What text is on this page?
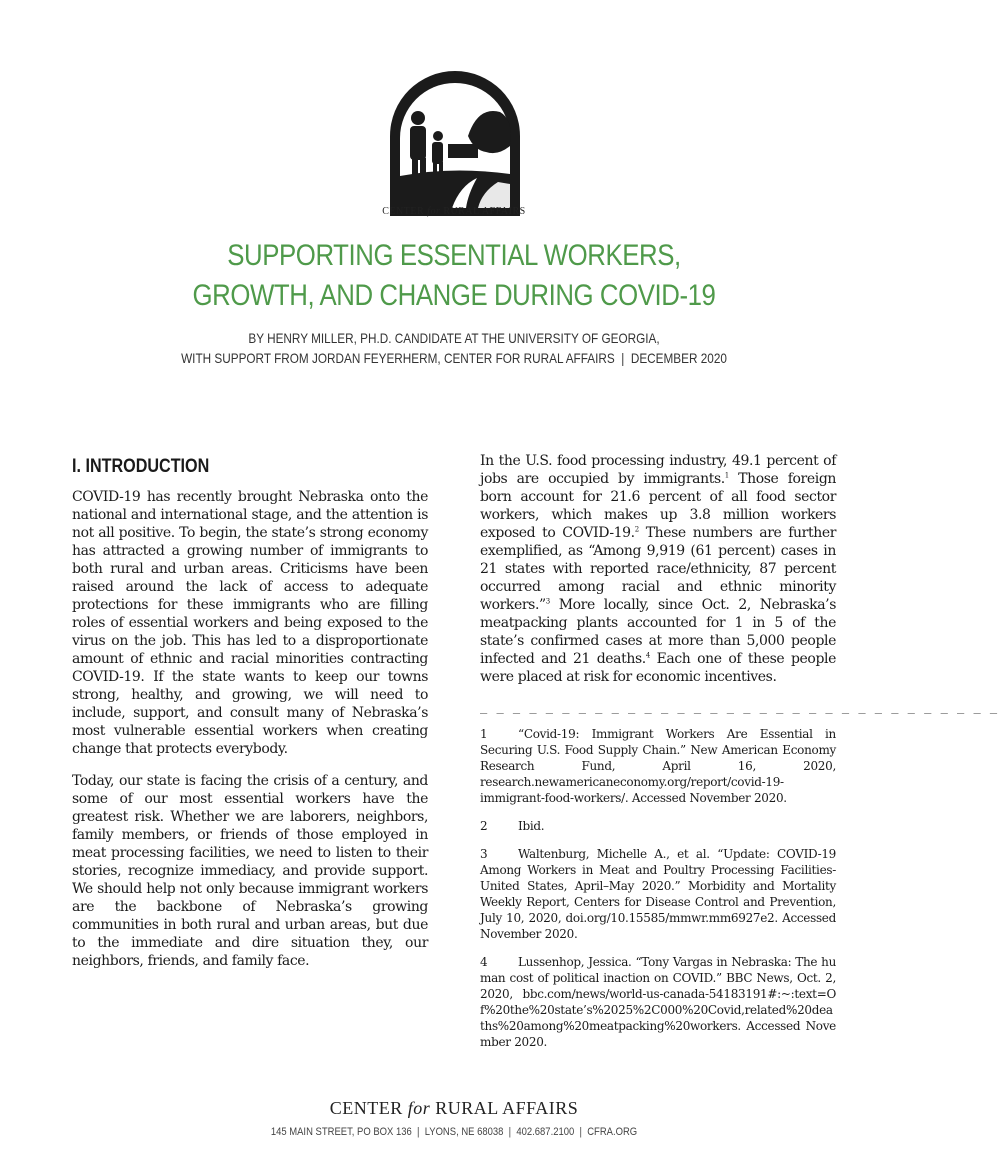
CENTER for RURAL AFFAIRS
SUPPORTING ESSENTIAL WORKERS,
GROWTH, AND CHANGE DURING COVID-19
BY HENRY MILLER, PH.D. CANDIDATE AT THE UNIVERSITY OF GEORGIA,
WITH SUPPORT FROM JORDAN FEYERHERM, CENTER FOR RURAL AFFAIRS  |  DECEMBER 2020
I. INTRODUCTION

COVID-19 has recently brought Nebraska onto the national and international stage, and the attention is not all positive. To begin, the state’s strong economy has attracted a growing number of immigrants to both rural and urban areas. Criticisms have been raised around the lack of access to adequate protections for these immigrants who are filling roles of essential workers and being exposed to the virus on the job. This has led to a disproportionate amount of ethnic and racial minorities contracting COVID-19. If the state wants to keep our towns strong, healthy, and growing, we will need to include, support, and consult many of Nebraska’s most vulnerable essential workers when creating change that protects everybody.

Today, our state is facing the crisis of a century, and some of our most essential workers have the greatest risk. Whether we are laborers, neighbors, family members, or friends of those employed in meat processing facilities, we need to listen to their stories, recognize immediacy, and provide support. We should help not only because immigrant workers are the backbone of Nebraska’s growing communities in both rural and urban areas, but due to the immediate and dire situation they, our neighbors, friends, and family face.

In the U.S. food processing industry, 49.1 percent of jobs are occupied by immigrants.$^1$ Those foreign born account for 21.6 percent of all food sector workers, which makes up 3.8 million workers exposed to COVID-19.$^2$ These numbers are further exemplified, as “Among 9,919 (61 percent) cases in 21 states with reported race/ethnicity, 87 percent occurred among racial and ethnic minority workers.”$^3$ More locally, since Oct. 2, Nebraska’s meatpacking plants accounted for 1 in 5 of the state’s confirmed cases at more than 5,000 people infected and 21 deaths.$^4$ Each one of these people were placed at risk for economic incentives.

_ _ _ _ _ _ _ _ _ _ _ _ _ _ _ _ _ _ _ _ _ _ _ _ _ _ _ _ _ _ _ _

1	“Covid-19: Immigrant Workers Are Essential in Securing U.S. Food Supply Chain.” New American Economy Research Fund, April 16, 2020, research.newamericaneconomy.org/report/covid-19-immigrant-food-workers/. Accessed November 2020.

2	Ibid.

3	Waltenburg, Michelle A., et al. “Update: COVID-19 Among Workers in Meat and Poultry Processing Facilities-United States, April–May 2020.” Morbidity and Mortality Weekly Report, Centers for Disease Control and Prevention, July 10, 2020, doi.org/10.15585/mmwr.mm6927e2. Accessed November 2020.

4	Lussenhop, Jessica. “Tony Vargas in Nebraska: The human cost of political inaction on COVID.” BBC News, Oct. 2, 2020, bbc.com/news/world-us-canada-54183191#:~:text=Of%20the%20state’s%2025%2C000%20Covid,related%20deaths%20among%20meatpacking%20workers. Accessed November 2020.

CENTER for RURAL AFFAIRS
145 MAIN STREET, PO BOX 136  |  LYONS, NE 68038  |  402.687.2100  |  CFRA.ORG
